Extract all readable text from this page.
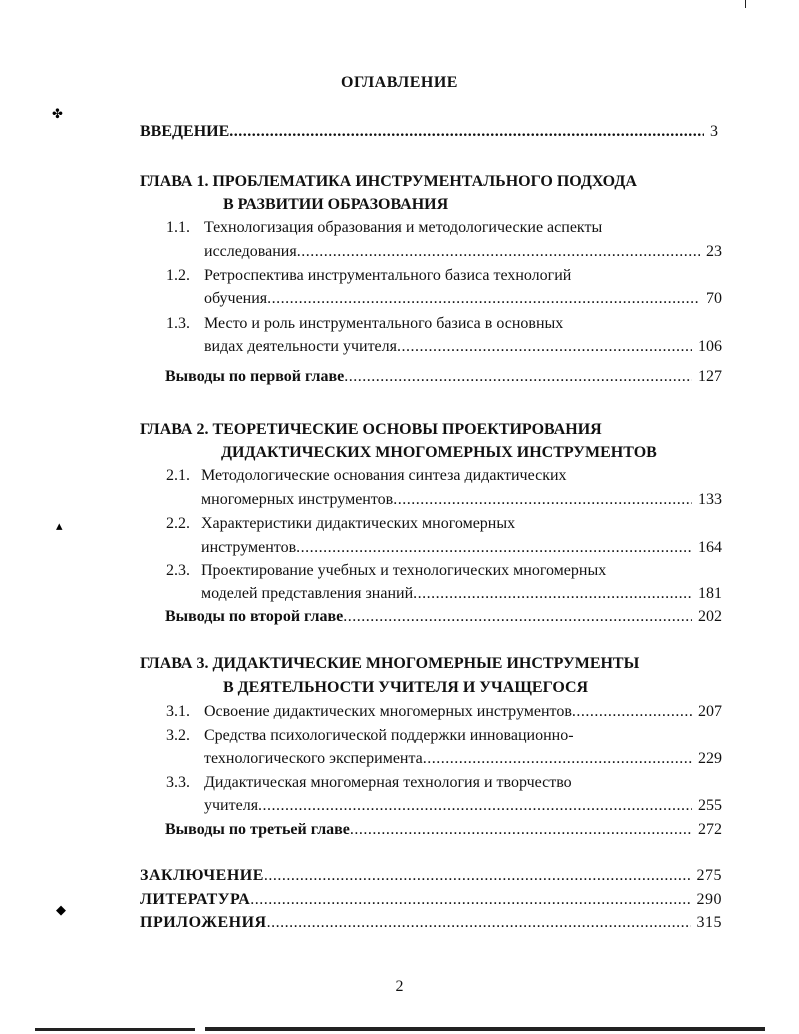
ОГЛАВЛЕНИЕ
ВВЕДЕНИЕ .....	3
ГЛАВА 1. ПРОБЛЕМАТИКА ИНСТРУМЕНТАЛЬНОГО ПОДХОДА
В РАЗВИТИИ ОБРАЗОВАНИЯ
1.1. Технологизация образования и методологические аспекты
исследования .....	23
1.2. Ретроспектива инструментального базиса технологий
обучения .....	70
1.3. Место и роль инструментального базиса в основных
видах деятельности учителя .....	106
Выводы по первой главе .....	127
ГЛАВА 2. ТЕОРЕТИЧЕСКИЕ ОСНОВЫ ПРОЕКТИРОВАНИЯ
ДИДАКТИЧЕСКИХ МНОГОМЕРНЫХ ИНСТРУМЕНТОВ
2.1. Методологические основания синтеза дидактических
многомерных инструментов .....	133
2.2. Характеристики дидактических многомерных
инструментов .....	164
2.3. Проектирование учебных и технологических многомерных
моделей представления знаний .....	181
Выводы по второй главе .....	202
ГЛАВА 3. ДИДАКТИЧЕСКИЕ МНОГОМЕРНЫЕ ИНСТРУМЕНТЫ
В ДЕЯТЕЛЬНОСТИ УЧИТЕЛЯ И УЧАЩЕГОСЯ
3.1. Освоение дидактических многомерных инструментов .....	207
3.2. Средства психологической поддержки инновационно-
технологического эксперимента .....	229
3.3. Дидактическая многомерная технология и творчество
учителя .....	255
Выводы по третьей главе .....	272
ЗАКЛЮЧЕНИЕ .....	275
ЛИТЕРАТУРА .....	290
ПРИЛОЖЕНИЯ .....	315
2
✤
▴
◆
